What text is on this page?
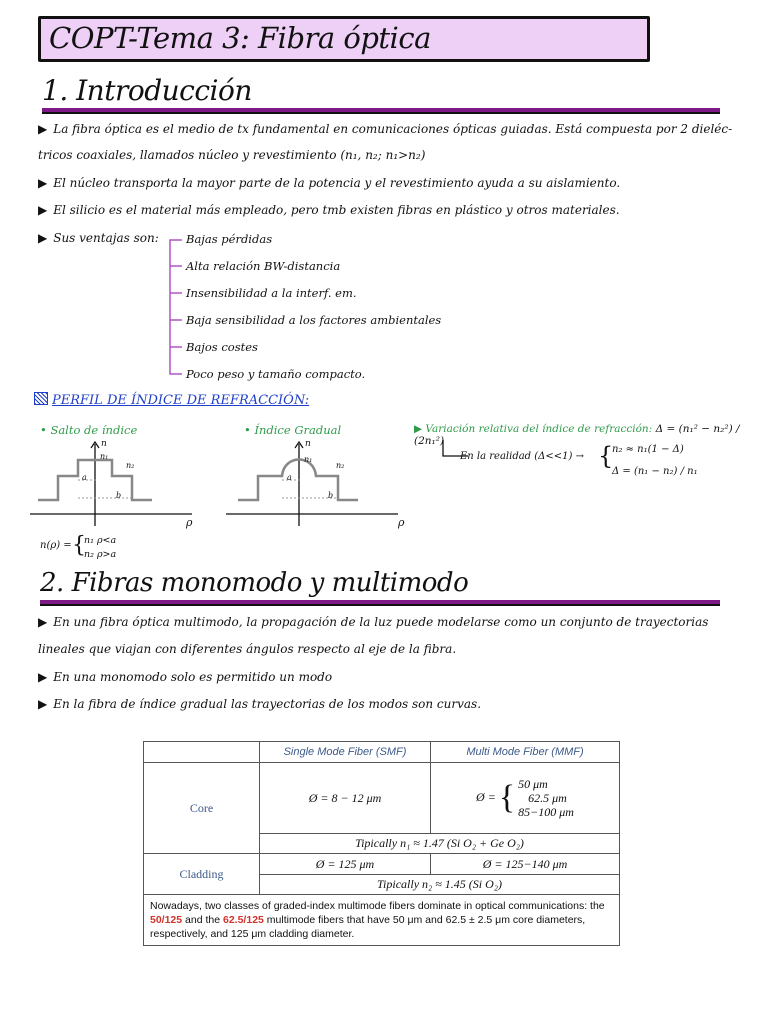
COPT-Tema 3: Fibra óptica
1. Introducción
▶ La fibra óptica es el medio de tx fundamental en comunicaciones ópticas guiadas. Está compuesta por 2 dieléc-
tricos coaxiales, llamados núcleo y revestimiento (n₁, n₂; n₁>n₂)
▶ El núcleo transporta la mayor parte de la potencia y el revestimiento ayuda a su aislamiento.
▶ El silicio es el material más empleado, pero tmb existen fibras en plástico y otros materiales.
▶ Sus ventajas son: Bajas pérdidas
Alta relación BW-distancia
Insensibilidad a la interf. em.
Baja sensibilidad a los factores ambientales
Bajos costes
Poco peso y tamaño compacto.
PERFIL DE ÍNDICE DE REFRACCIÓN:
• Salto de índice	• Índice Gradual	▶ Variación relativa del índice de refracción: Δ = (n₁² − n₂²) / (2n₁²)
n
n₁
n₂
a
b
ρ
n
n₁
n₂
a
b
ρ
En la realidad (Δ<<1) → {
n₂ ≈ n₁(1 − Δ)
Δ = (n₁ − n₂) / n₁
n(ρ) = {
n₁ ρ<a
n₂ ρ>a
2. Fibras monomodo y multimodo
▶ En una fibra óptica multimodo, la propagación de la luz puede modelarse como un conjunto de trayectorias
lineales que viajan con diferentes ángulos respecto al eje de la fibra.
▶ En una monomodo solo es permitido un modo
▶ En la fibra de índice gradual las trayectorias de los modos son curvas.
	Single Mode Fiber (SMF)	Multi Mode Fiber (MMF)
Core	Ø = 8 − 12 μm	Ø = { 50 μm
62.5 μm
85−100 μm
	Tipically n₁ ≈ 1.47 (Si O₂ + Ge O₂)	
Cladding	Ø = 125 μm	Ø = 125−140 μm
	Tipically n₂ ≈ 1.45 (Si O₂)	
Nowadays, two classes of graded-index multimode fibers dominate in optical communications: the 50/125 and the 62.5/125 multimode fibers that have 50 μm and 62.5 ± 2.5 μm core diameters, respectively, and 125 μm cladding diameter.		
